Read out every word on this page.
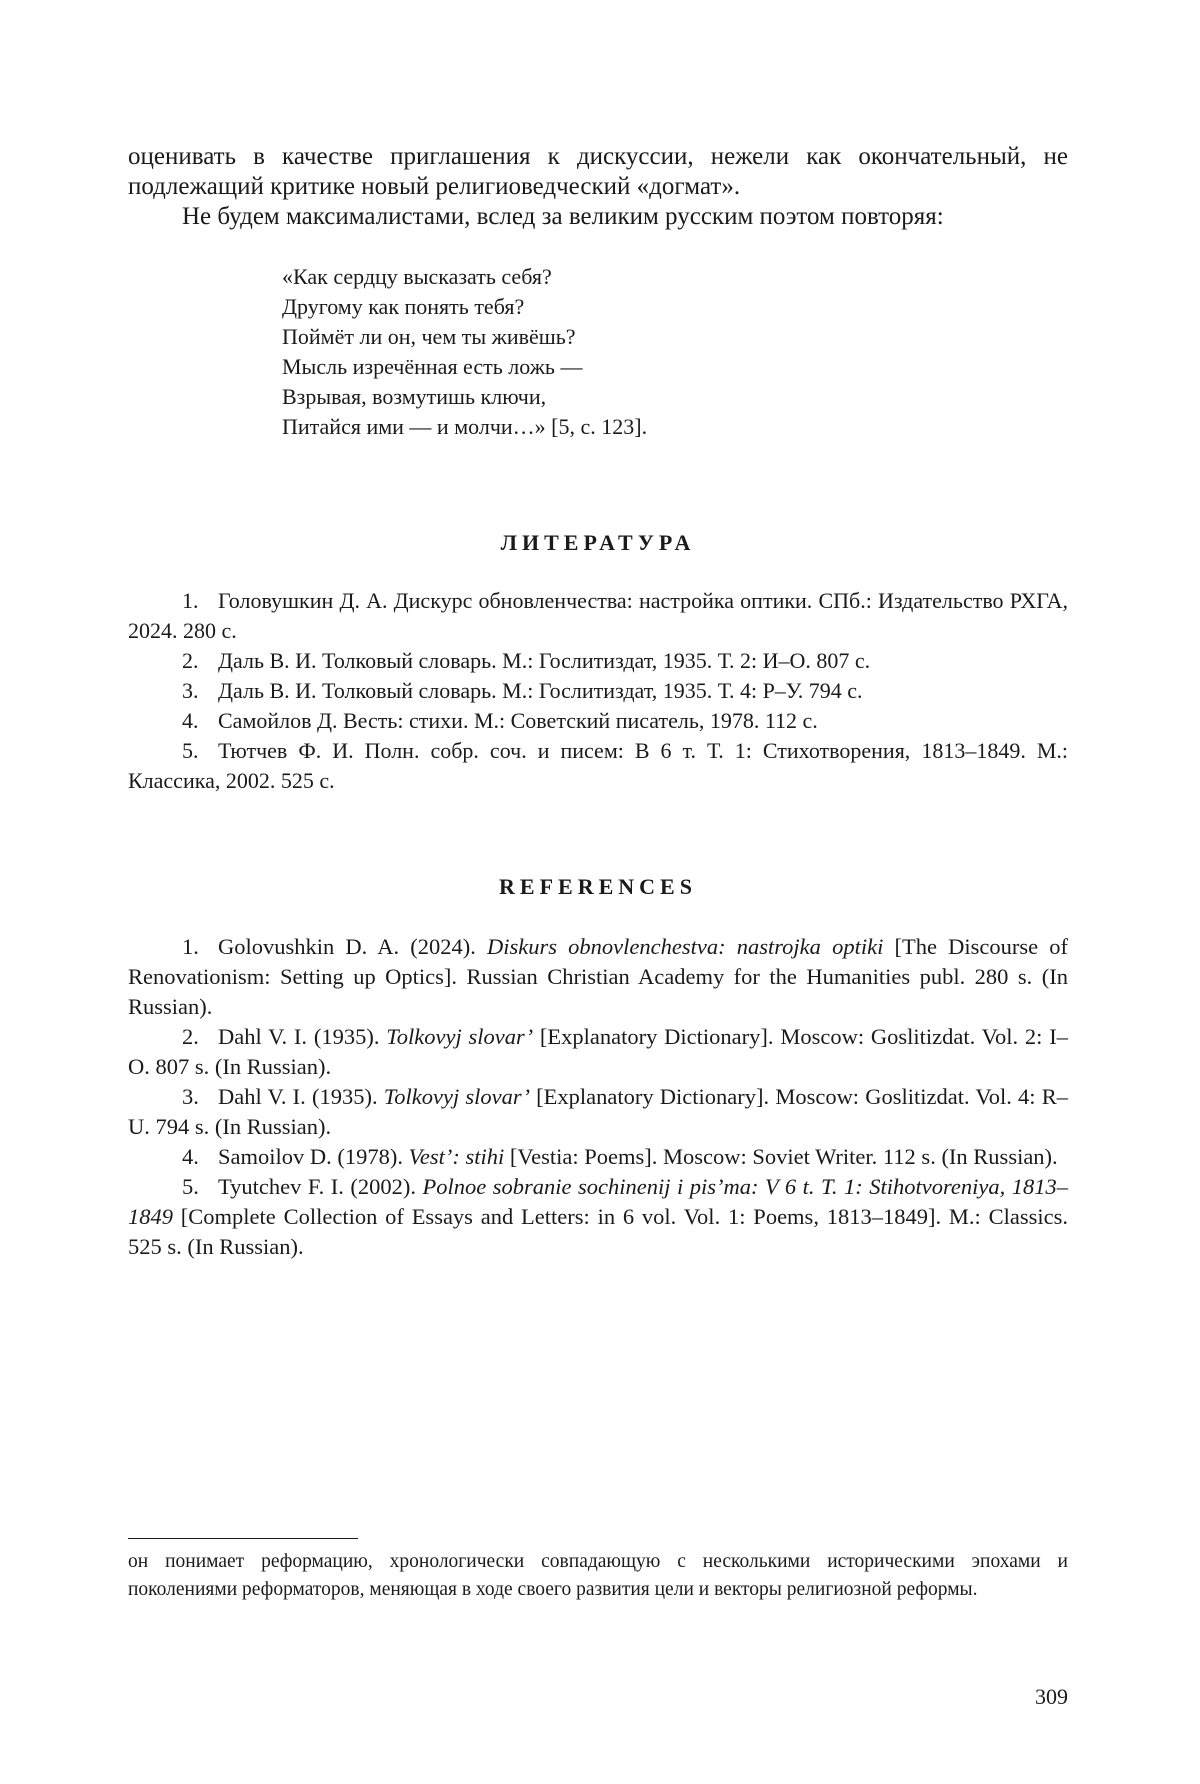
оценивать в качестве приглашения к дискуссии, нежели как окончательный, не подлежащий критике новый религиоведческий «догмат».

Не будем максималистами, вслед за великим русским поэтом повторяя:

«Как сердцу высказать себя?
Другому как понять тебя?
Поймёт ли он, чем ты живёшь?
Мысль изречённая есть ложь —
Взрывая, возмутишь ключи,
Питайся ими — и молчи…» [5, с. 123].
ЛИТЕРАТУРА

1. Головушкин Д. А. Дискурс обновленчества: настройка оптики. СПб.: Издательство РХГА, 2024. 280 с.

2. Даль В. И. Толковый словарь. М.: Гослитиздат, 1935. Т. 2: И–О. 807 с.

3. Даль В. И. Толковый словарь. М.: Гослитиздат, 1935. Т. 4: Р–У. 794 с.

4. Самойлов Д. Весть: стихи. М.: Советский писатель, 1978. 112 с.

5. Тютчев Ф. И. Полн. собр. соч. и писем: В 6 т. Т. 1: Стихотворения, 1813–1849. М.: Классика, 2002. 525 с.

REFERENCES

1. Golovushkin D. A. (2024). Diskurs obnovlenchestva: nastrojka optiki [The Discourse of Renovationism: Setting up Optics]. Russian Christian Academy for the Humanities publ. 280 s. (In Russian).

2. Dahl V. I. (1935). Tolkovyj slovar’ [Explanatory Dictionary]. Moscow: Goslitizdat. Vol. 2: I–O. 807 s. (In Russian).

3. Dahl V. I. (1935). Tolkovyj slovar’ [Explanatory Dictionary]. Moscow: Goslitizdat. Vol. 4: R–U. 794 s. (In Russian).

4. Samoilov D. (1978). Vest’: stihi [Vestia: Poems]. Moscow: Soviet Writer. 112 s. (In Russian).

5. Tyutchev F. I. (2002). Polnoe sobranie sochinenij i pis’ma: V 6 t. T. 1: Stihotvoreniya, 1813–1849 [Complete Collection of Essays and Letters: in 6 vol. Vol. 1: Poems, 1813–1849]. M.: Classics. 525 s. (In Russian).

он понимает реформацию, хронологически совпадающую с несколькими историческими эпохами и поколениями реформаторов, меняющая в ходе своего развития цели и векторы религиозной реформы.

309
